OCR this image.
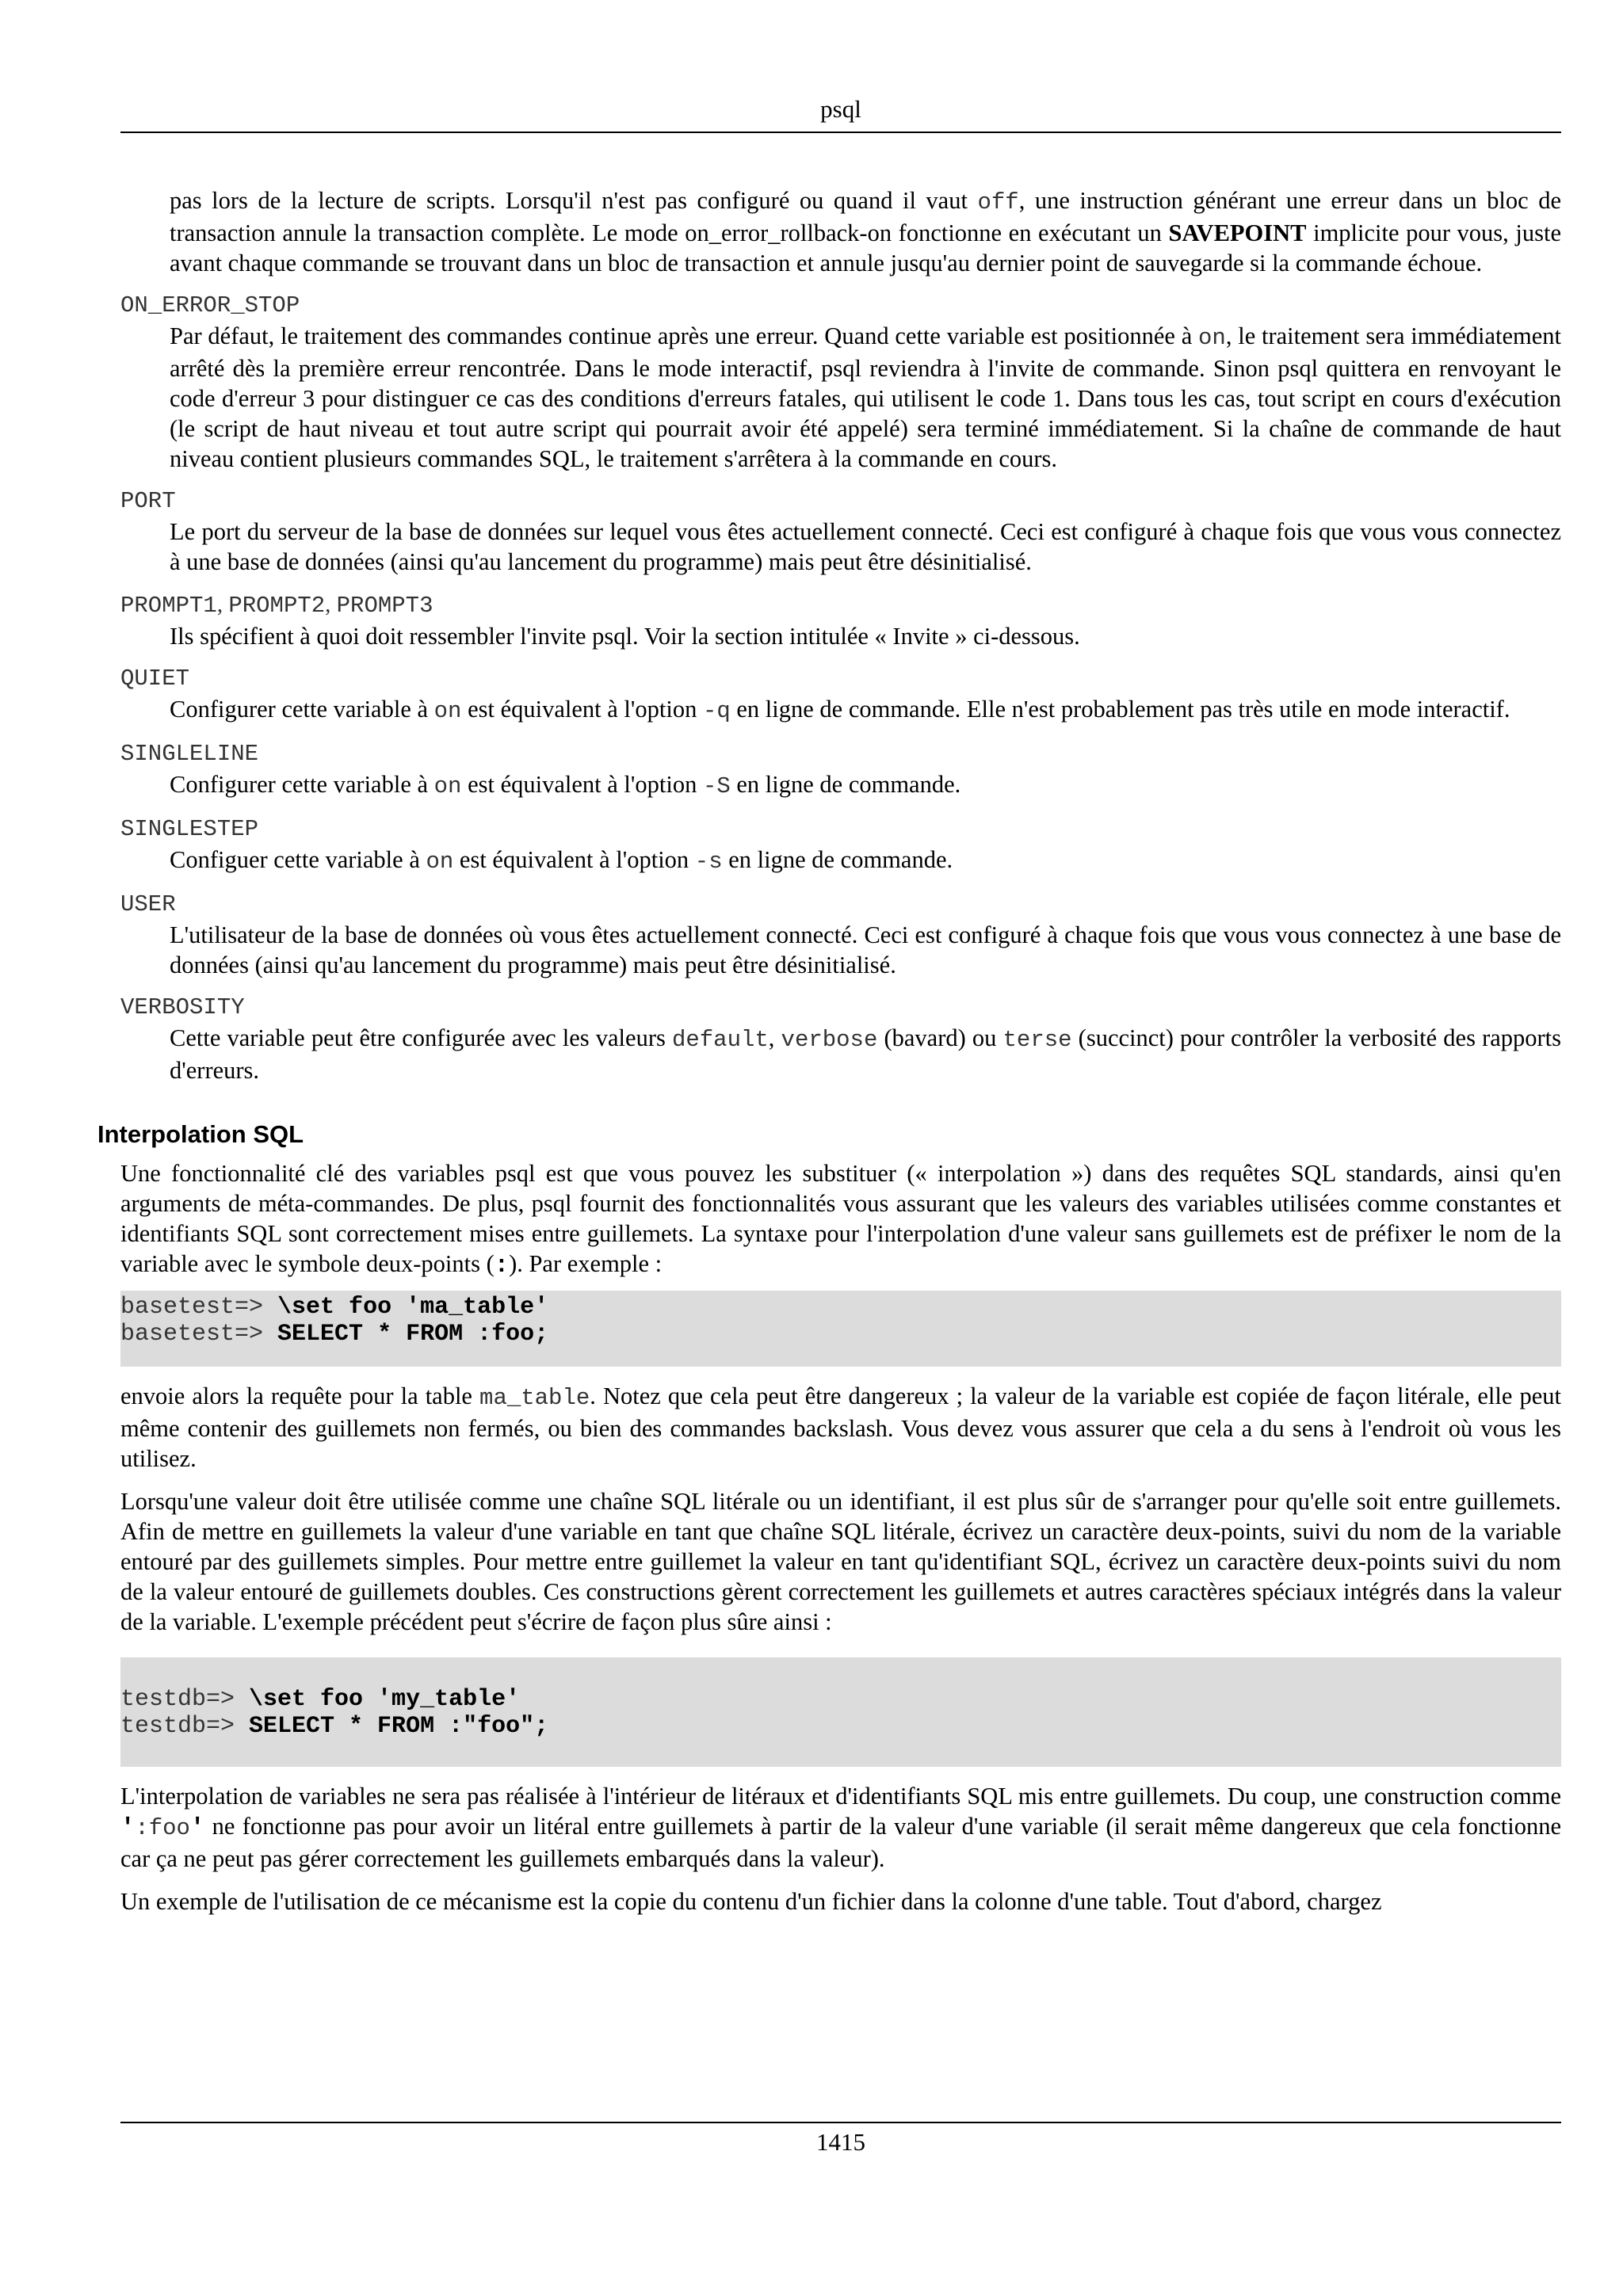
psql

pas lors de la lecture de scripts. Lorsqu'il n'est pas configuré ou quand il vaut off, une instruction générant une erreur dans un bloc de transaction annule la transaction complète. Le mode on_error_rollback-on fonctionne en exécutant un SAVEPOINT implicite pour vous, juste avant chaque commande se trouvant dans un bloc de transaction et annule jusqu'au dernier point de sauvegarde si la commande échoue.

ON_ERROR_STOP

Par défaut, le traitement des commandes continue après une erreur. Quand cette variable est positionnée à on, le traitement sera immédiatement arrêté dès la première erreur rencontrée. Dans le mode interactif, psql reviendra à l'invite de commande. Sinon psql quittera en renvoyant le code d'erreur 3 pour distinguer ce cas des conditions d'erreurs fatales, qui utilisent le code 1. Dans tous les cas, tout script en cours d'exécution (le script de haut niveau et tout autre script qui pourrait avoir été appelé) sera terminé immédiatement. Si la chaîne de commande de haut niveau contient plusieurs commandes SQL, le traitement s'arrêtera à la commande en cours.

PORT

Le port du serveur de la base de données sur lequel vous êtes actuellement connecté. Ceci est configuré à chaque fois que vous vous connectez à une base de données (ainsi qu'au lancement du programme) mais peut être désinitialisé.

PROMPT1, PROMPT2, PROMPT3

Ils spécifient à quoi doit ressembler l'invite psql. Voir la section intitulée « Invite » ci-dessous.

QUIET

Configurer cette variable à on est équivalent à l'option -q en ligne de commande. Elle n'est probablement pas très utile en mode interactif.

SINGLELINE

Configurer cette variable à on est équivalent à l'option -S en ligne de commande.

SINGLESTEP

Configuer cette variable à on est équivalent à l'option -s en ligne de commande.

USER

L'utilisateur de la base de données où vous êtes actuellement connecté. Ceci est configuré à chaque fois que vous vous connectez à une base de données (ainsi qu'au lancement du programme) mais peut être désinitialisé.

VERBOSITY

Cette variable peut être configurée avec les valeurs default, verbose (bavard) ou terse (succinct) pour contrôler la verbosité des rapports d'erreurs.

Interpolation SQL

Une fonctionnalité clé des variables psql est que vous pouvez les substituer (« interpolation ») dans des requêtes SQL standards, ainsi qu'en arguments de méta-commandes. De plus, psql fournit des fonctionnalités vous assurant que les valeurs des variables utilisées comme constantes et identifiants SQL sont correctement mises entre guillemets. La syntaxe pour l'interpolation d'une valeur sans guillemets est de préfixer le nom de la variable avec le symbole deux-points (:). Par exemple :

basetest=> \set foo 'ma_table'
basetest=> SELECT * FROM :foo;

envoie alors la requête pour la table ma_table. Notez que cela peut être dangereux ; la valeur de la variable est copiée de façon litérale, elle peut même contenir des guillemets non fermés, ou bien des commandes backslash. Vous devez vous assurer que cela a du sens à l'endroit où vous les utilisez.

Lorsqu'une valeur doit être utilisée comme une chaîne SQL litérale ou un identifiant, il est plus sûr de s'arranger pour qu'elle soit entre guillemets. Afin de mettre en guillemets la valeur d'une variable en tant que chaîne SQL litérale, écrivez un caractère deux-points, suivi du nom de la variable entouré par des guillemets simples. Pour mettre entre guillemet la valeur en tant qu'identifiant SQL, écrivez un caractère deux-points suivi du nom de la valeur entouré de guillemets doubles. Ces constructions gèrent correctement les guillemets et autres caractères spéciaux intégrés dans la valeur de la variable. L'exemple précédent peut s'écrire de façon plus sûre ainsi :

testdb=> \set foo 'my_table'
testdb=> SELECT * FROM :"foo";

L'interpolation de variables ne sera pas réalisée à l'intérieur de litéraux et d'identifiants SQL mis entre guillemets. Du coup, une construction comme ':foo' ne fonctionne pas pour avoir un litéral entre guillemets à partir de la valeur d'une variable (il serait même dangereux que cela fonctionne car ça ne peut pas gérer correctement les guillemets embarqués dans la valeur).

Un exemple de l'utilisation de ce mécanisme est la copie du contenu d'un fichier dans la colonne d'une table. Tout d'abord, chargez

1415
